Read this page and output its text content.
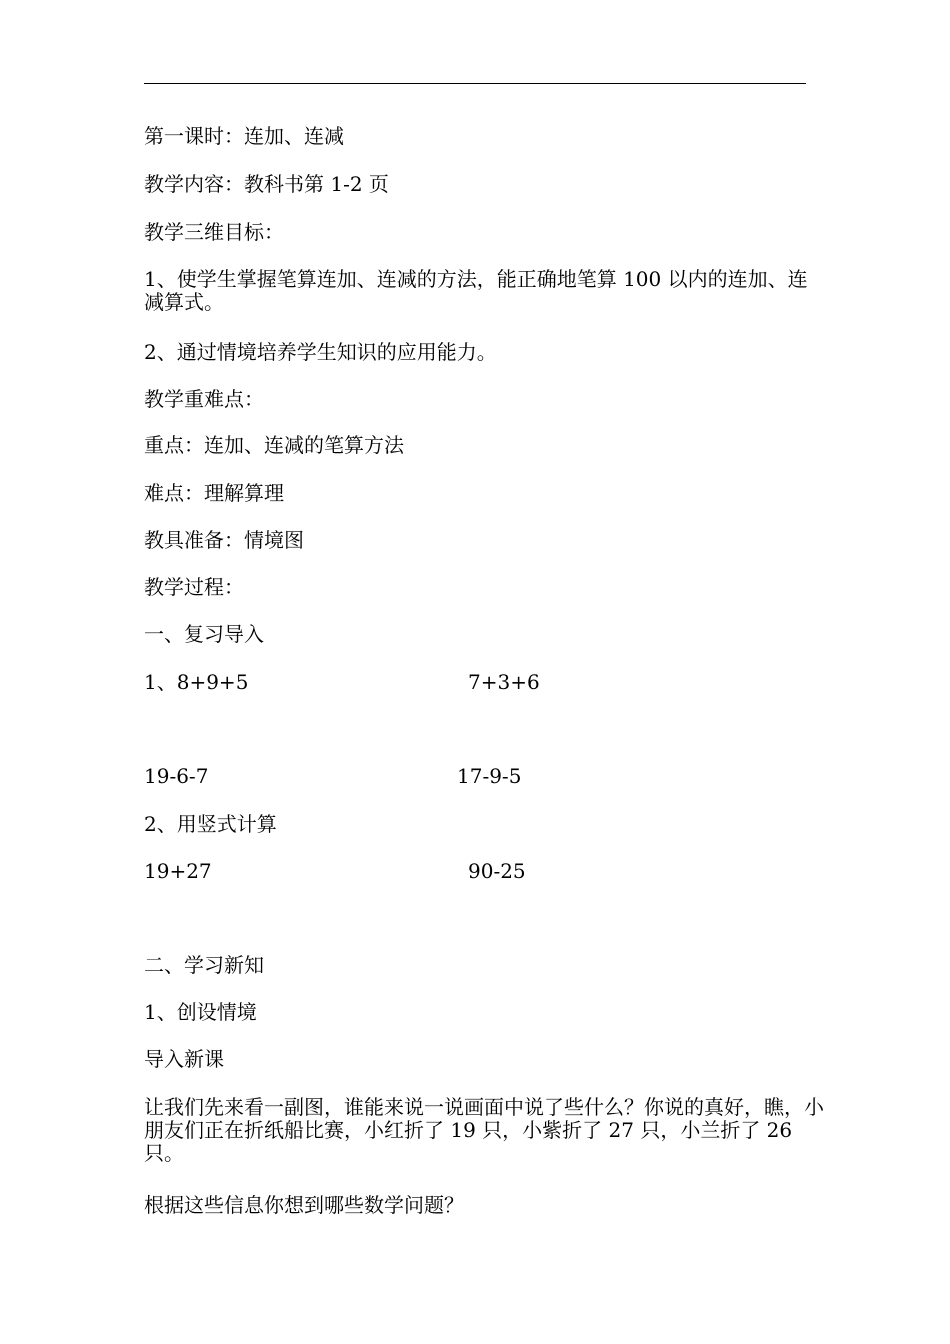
第一课时：连加、连减
教学内容：教科书第 1-2 页
教学三维目标：
1、使学生掌握笔算连加、连减的方法，能正确地笔算 100 以内的连加、连减算式。
2、通过情境培养学生知识的应用能力。
教学重难点：
重点：连加、连减的笔算方法
难点：理解算理
教具准备：情境图
教学过程：
一、复习导入
1、8+9+5	7+3+6
19-6-7	17-9-5
2、用竖式计算
19+27	90-25
二、学习新知
1、创设情境
导入新课
让我们先来看一副图，谁能来说一说画面中说了些什么？你说的真好，瞧，小朋友们正在折纸船比赛，小红折了 19 只，小紫折了 27 只，小兰折了 26 只。
根据这些信息你想到哪些数学问题？
